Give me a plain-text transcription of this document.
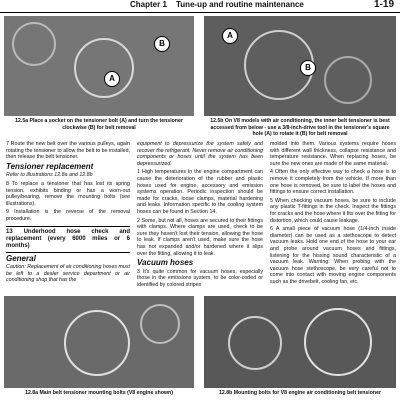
Chapter 1 Tune-up and routine maintenance	1-19
A
B
12.5a Place a socket on the tensioner bolt (A) and turn the tensioner clockwise (B) for belt removal
A
B
12.5b On V8 models with air conditioning, the inner belt tensioner is best accessed from below - use a 3/8-inch-drive tool in the tensioner's square hole (A) to rotate it (B) for belt removal

7 Route the new belt over the various pulleys, again rotating the tensioner to allow the belt to be installed, then release the belt tensioner.

Tensioner replacement

Refer to illustrations 12.8a and 12.8b

8 To replace a tensioner that has lost its spring tension, exhibits binding or has a worn-out pulley/bearing, remove the mounting bolts (see illustrations).

9 Installation is the reverse of the removal procedure.

13 Underhood hose check and replacement (every 6000 miles or 6 months)
General

Caution: Replacement of air conditioning hoses must be left to a dealer service department or air conditioning shop that has the

equipment to depressurize the system safely and recover the refrigerant. Never remove air conditioning components or hoses until the system has been depressurized.

1 High temperatures in the engine compartment can cause the deterioration of the rubber and plastic hoses used for engine, accessory and emission systems operation. Periodic inspection should be made for cracks, loose clamps, material hardening and leaks. Information specific to the cooling system hoses can be found in Section 14.

2 Some, but not all, hoses are secured to their fittings with clamps. Where clamps are used, check to be sure they haven't lost their tension, allowing the hose to leak. If clamps aren't used, make sure the hose has not expanded and/or hardened where it slips over the fitting, allowing it to leak.

Vacuum hoses

3 It's quite common for vacuum hoses, especially those in the emissions system, to be color-coded or identified by colored stripes

molded into them. Various systems require hoses with different wall thickness, collapse resistance and temperature resistance. When replacing hoses, be sure the new ones are made of the same material.

4 Often the only effective way to check a hose is to remove it completely from the vehicle. If more than one hose is removed, be sure to label the hoses and fittings to ensure correct installation.

5 When checking vacuum hoses, be sure to include any plastic T-fittings in the check. Inspect the fittings for cracks and the hose where it fits over the fitting for distortion, which could cause leakage.

6 A small piece of vacuum hose (1/4-inch inside diameter) can be used as a stethoscope to detect vacuum leaks. Hold one end of the hose to your ear and probe around vacuum hoses and fittings, listening for the hissing sound characteristic of a vacuum leak. Warning: When probing with the vacuum hose stethoscope, be very careful not to come into contact with moving engine components such as the drivebelt, cooling fan, etc.

12.8a Main belt tensioner mounting bolts (V8 engine shown)	12.8b Mounting bolts for V8 engine air conditioning belt tensioner
